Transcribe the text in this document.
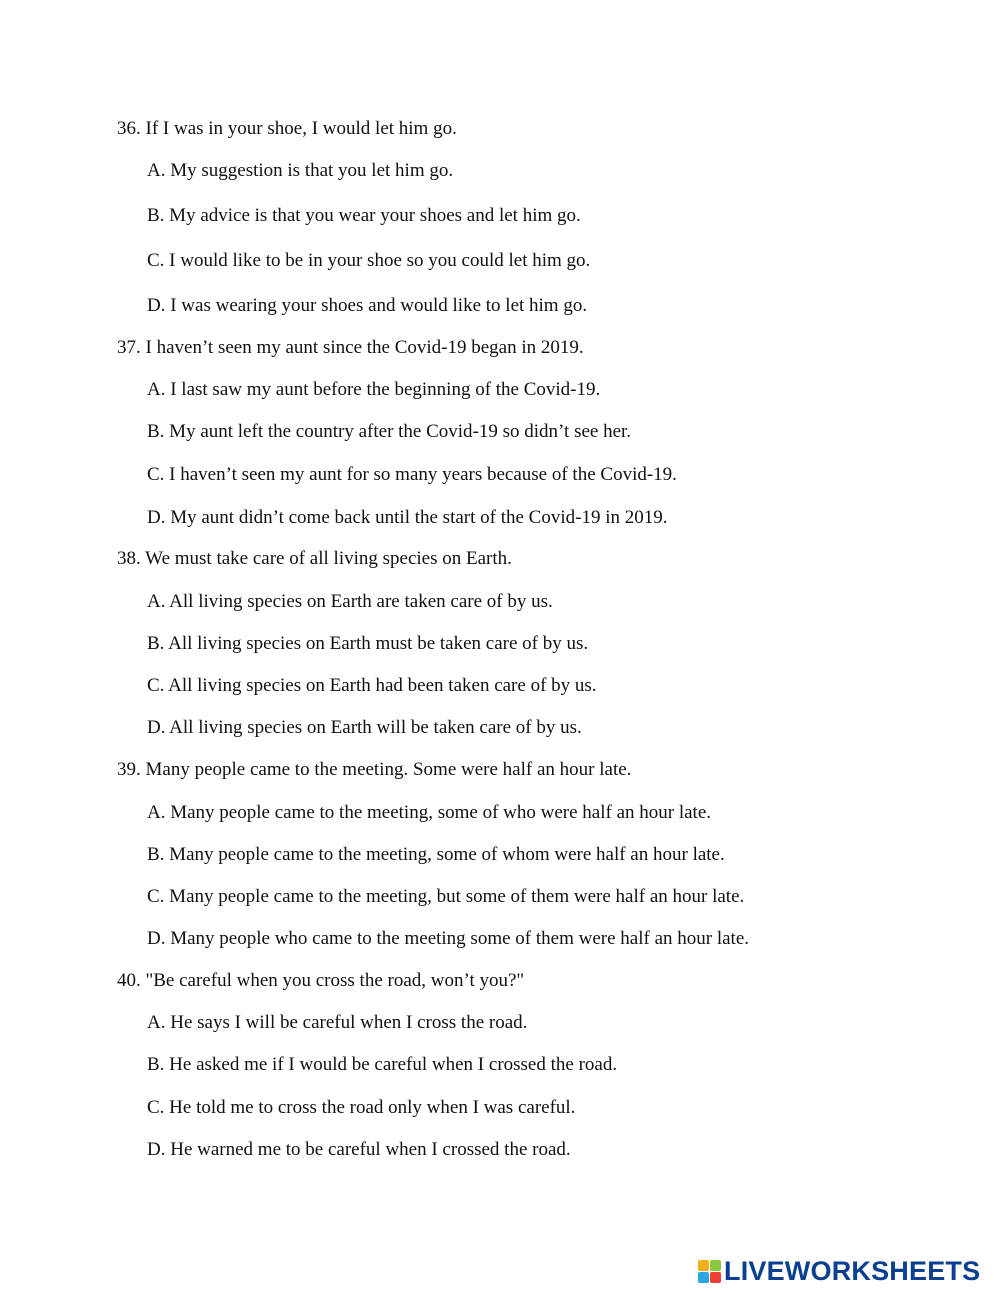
36. If I was in your shoe, I would let him go.
A. My suggestion is that you let him go.
B. My advice is that you wear your shoes and let him go.
C. I would like to be in your shoe so you could let him go.
D. I was wearing your shoes and would like to let him go.
37. I haven’t seen my aunt since the Covid-19 began in 2019.
A. I last saw my aunt before the beginning of the Covid-19.
B. My aunt left the country after the Covid-19 so didn’t see her.
C. I haven’t seen my aunt for so many years because of the Covid-19.
D. My aunt didn’t come back until the start of the Covid-19 in 2019.
38. We must take care of all living species on Earth.
A. All living species on Earth are taken care of by us.
B. All living species on Earth must be taken care of by us.
C. All living species on Earth had been taken care of by us.
D. All living species on Earth will be taken care of by us.
39. Many people came to the meeting. Some were half an hour late.
A. Many people came to the meeting, some of who were half an hour late.
B. Many people came to the meeting, some of whom were half an hour late.
C. Many people came to the meeting, but some of them were half an hour late.
D. Many people who came to the meeting some of them were half an hour late.
40. "Be careful when you cross the road, won’t you?"
A. He says I will be careful when I cross the road.
B. He asked me if I would be careful when I crossed the road.
C. He told me to cross the road only when I was careful.
D. He warned me to be careful when I crossed the road.
LIVEWORKSHEETS
